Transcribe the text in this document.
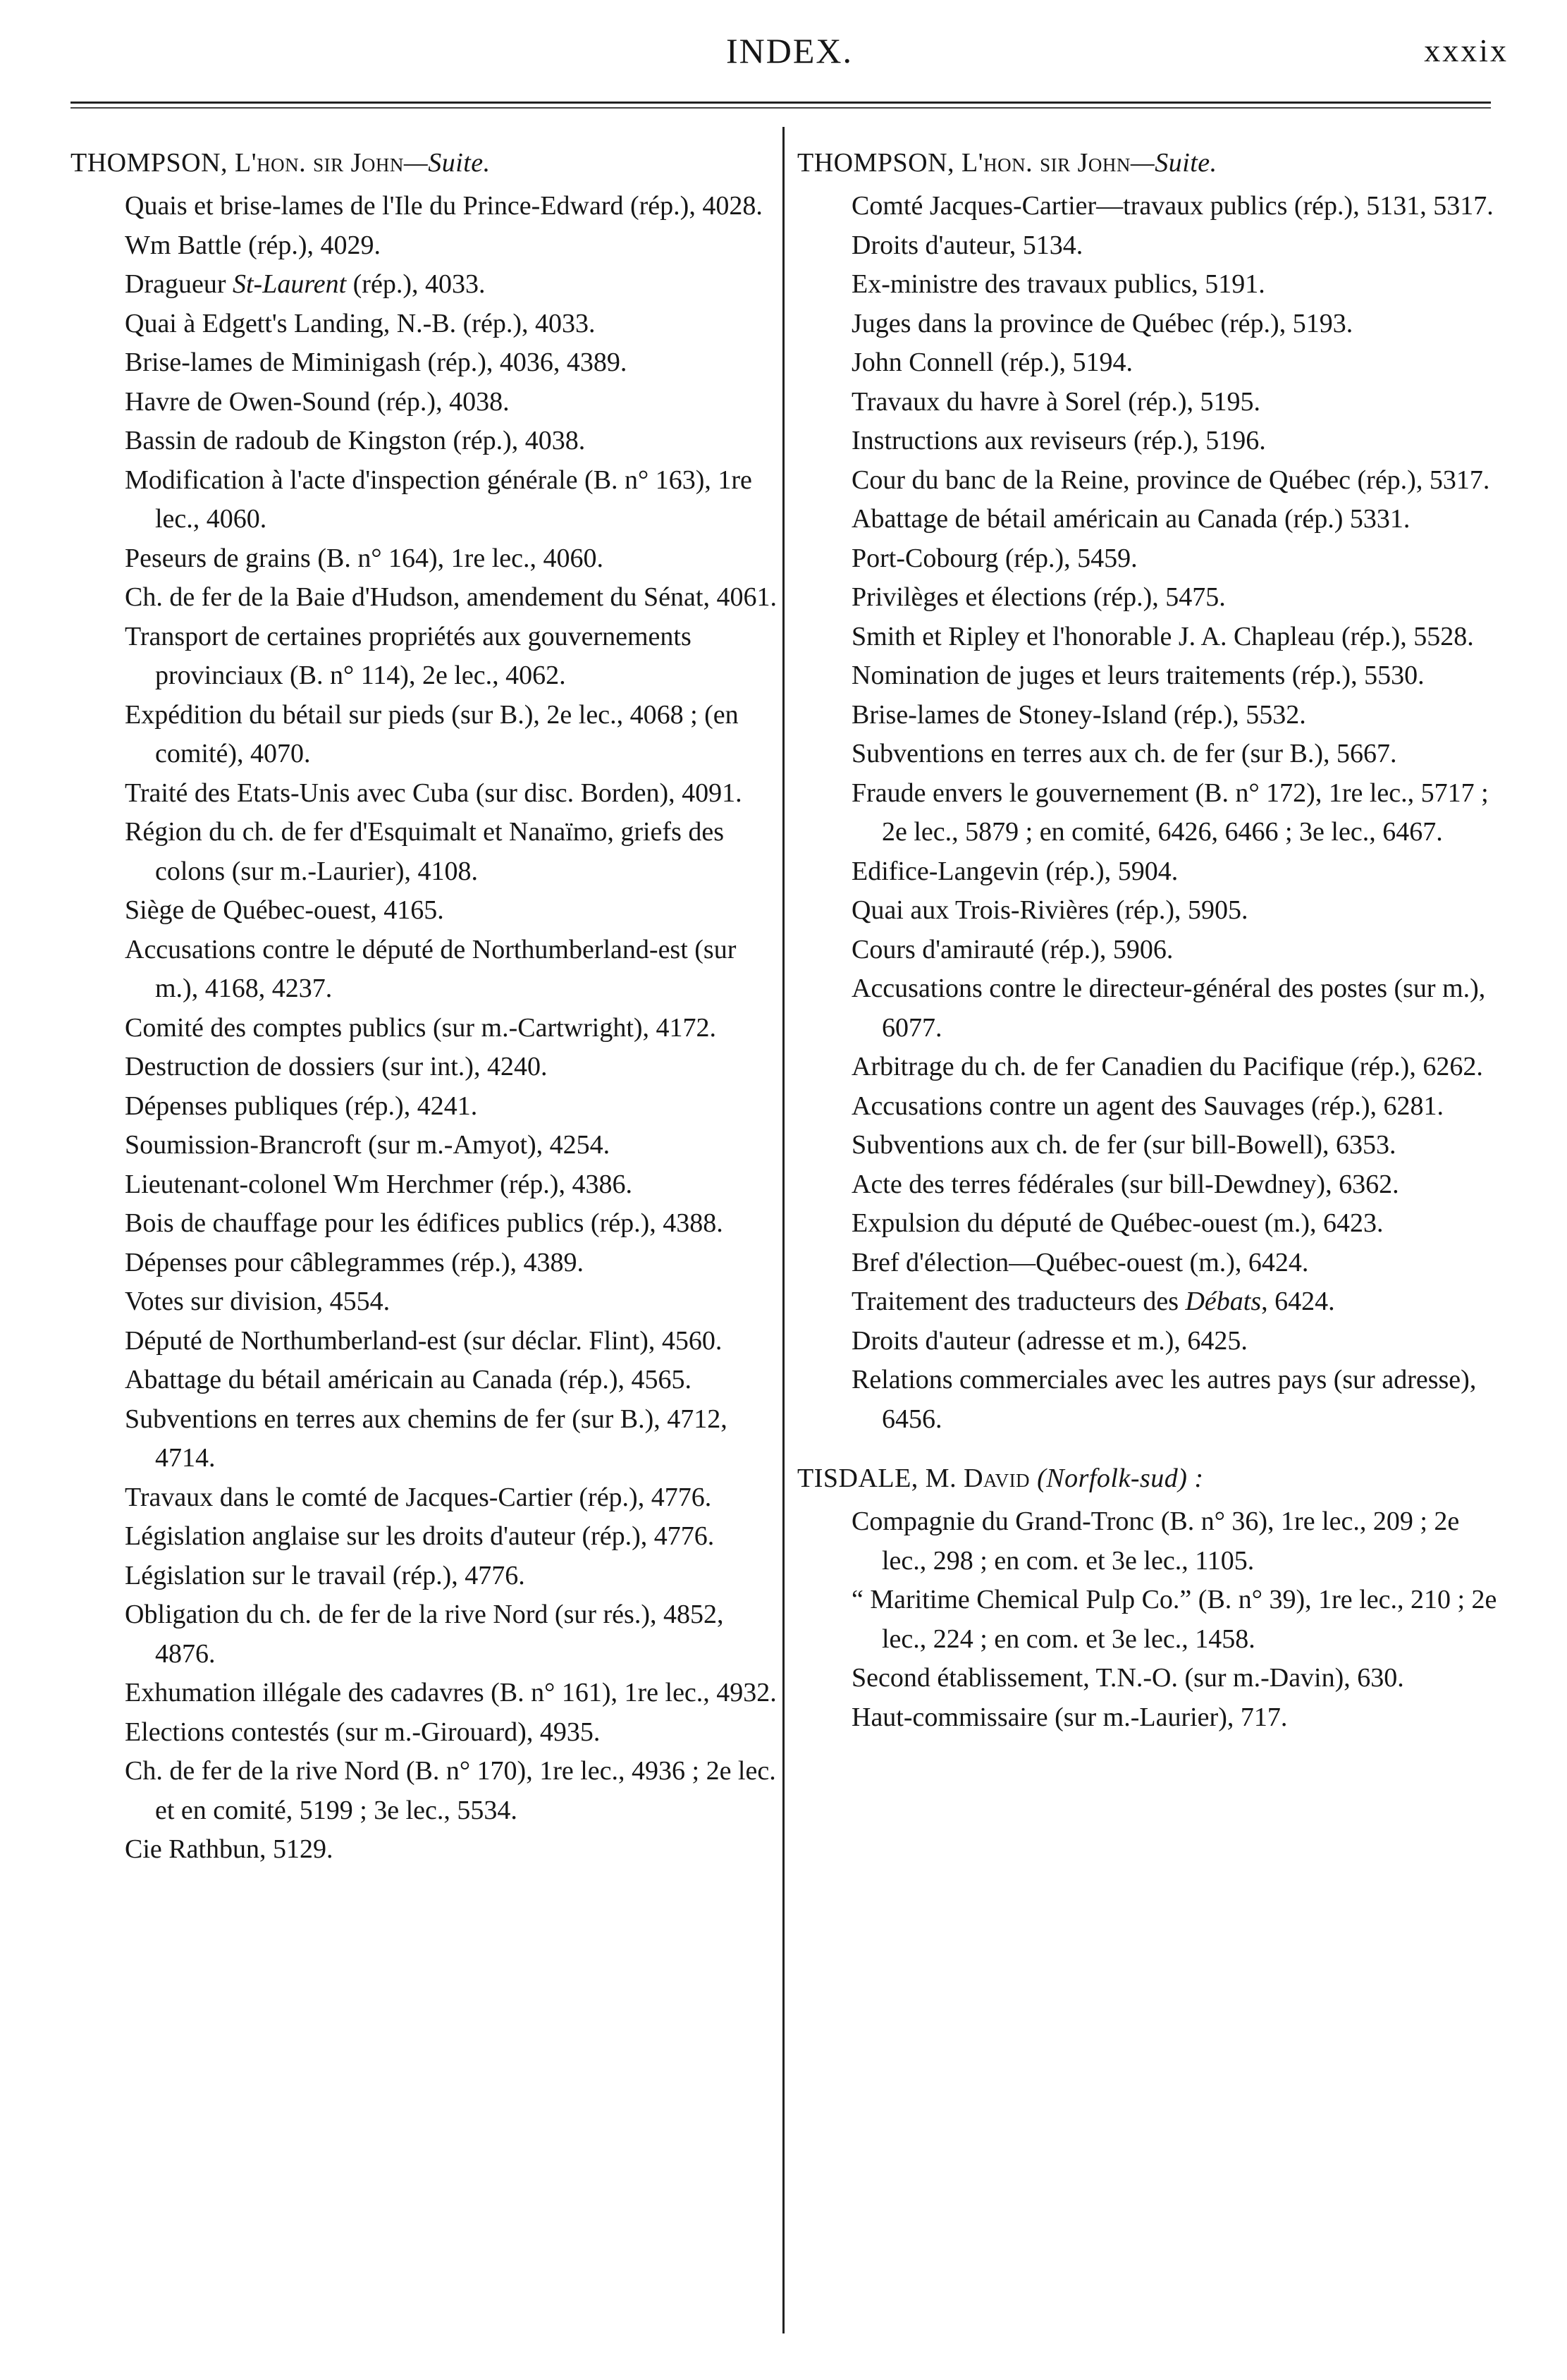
INDEX.	xxxix
THOMPSON, L'hon. sir John—Suite.

Quais et brise-lames de l'Ile du Prince-Edward (rép.), 4028.

Wm Battle (rép.), 4029.

Dragueur St-Laurent (rép.), 4033.

Quai à Edgett's Landing, N.-B. (rép.), 4033.

Brise-lames de Miminigash (rép.), 4036, 4389.

Havre de Owen-Sound (rép.), 4038.

Bassin de radoub de Kingston (rép.), 4038.

Modification à l'acte d'inspection générale (B. n° 163), 1re lec., 4060.

Peseurs de grains (B. n° 164), 1re lec., 4060.

Ch. de fer de la Baie d'Hudson, amendement du Sénat, 4061.

Transport de certaines propriétés aux gouvernements provinciaux (B. n° 114), 2e lec., 4062.

Expédition du bétail sur pieds (sur B.), 2e lec., 4068 ; (en comité), 4070.

Traité des Etats-Unis avec Cuba (sur disc. Borden), 4091.

Région du ch. de fer d'Esquimalt et Nanaïmo, griefs des colons (sur m.-Laurier), 4108.

Siège de Québec-ouest, 4165.

Accusations contre le député de Northumberland-est (sur m.), 4168, 4237.

Comité des comptes publics (sur m.-Cartwright), 4172.

Destruction de dossiers (sur int.), 4240.

Dépenses publiques (rép.), 4241.

Soumission-Brancroft (sur m.-Amyot), 4254.

Lieutenant-colonel Wm Herchmer (rép.), 4386.

Bois de chauffage pour les édifices publics (rép.), 4388.

Dépenses pour câblegrammes (rép.), 4389.

Votes sur division, 4554.

Député de Northumberland-est (sur déclar. Flint), 4560.

Abattage du bétail américain au Canada (rép.), 4565.

Subventions en terres aux chemins de fer (sur B.), 4712, 4714.

Travaux dans le comté de Jacques-Cartier (rép.), 4776.

Législation anglaise sur les droits d'auteur (rép.), 4776.

Législation sur le travail (rép.), 4776.

Obligation du ch. de fer de la rive Nord (sur rés.), 4852, 4876.

Exhumation illégale des cadavres (B. n° 161), 1re lec., 4932.

Elections contestés (sur m.-Girouard), 4935.

Ch. de fer de la rive Nord (B. n° 170), 1re lec., 4936 ; 2e lec. et en comité, 5199 ; 3e lec., 5534.

Cie Rathbun, 5129.

THOMPSON, L'hon. sir John—Suite.

Comté Jacques-Cartier—travaux publics (rép.), 5131, 5317.

Droits d'auteur, 5134.

Ex-ministre des travaux publics, 5191.

Juges dans la province de Québec (rép.), 5193.

John Connell (rép.), 5194.

Travaux du havre à Sorel (rép.), 5195.

Instructions aux reviseurs (rép.), 5196.

Cour du banc de la Reine, province de Québec (rép.), 5317.

Abattage de bétail américain au Canada (rép.) 5331.

Port-Cobourg (rép.), 5459.

Privilèges et élections (rép.), 5475.

Smith et Ripley et l'honorable J. A. Chapleau (rép.), 5528.

Nomination de juges et leurs traitements (rép.), 5530.

Brise-lames de Stoney-Island (rép.), 5532.

Subventions en terres aux ch. de fer (sur B.), 5667.

Fraude envers le gouvernement (B. n° 172), 1re lec., 5717 ; 2e lec., 5879 ; en comité, 6426, 6466 ; 3e lec., 6467.

Edifice-Langevin (rép.), 5904.

Quai aux Trois-Rivières (rép.), 5905.

Cours d'amirauté (rép.), 5906.

Accusations contre le directeur-général des postes (sur m.), 6077.

Arbitrage du ch. de fer Canadien du Pacifique (rép.), 6262.

Accusations contre un agent des Sauvages (rép.), 6281.

Subventions aux ch. de fer (sur bill-Bowell), 6353.

Acte des terres fédérales (sur bill-Dewdney), 6362.

Expulsion du député de Québec-ouest (m.), 6423.

Bref d'élection—Québec-ouest (m.), 6424.

Traitement des traducteurs des Débats, 6424.

Droits d'auteur (adresse et m.), 6425.

Relations commerciales avec les autres pays (sur adresse), 6456.

TISDALE, M. David (Norfolk-sud) :

Compagnie du Grand-Tronc (B. n° 36), 1re lec., 209 ; 2e lec., 298 ; en com. et 3e lec., 1105.

“ Maritime Chemical Pulp Co.” (B. n° 39), 1re lec., 210 ; 2e lec., 224 ; en com. et 3e lec., 1458.

Second établissement, T.N.-O. (sur m.-Davin), 630.

Haut-commissaire (sur m.-Laurier), 717.
